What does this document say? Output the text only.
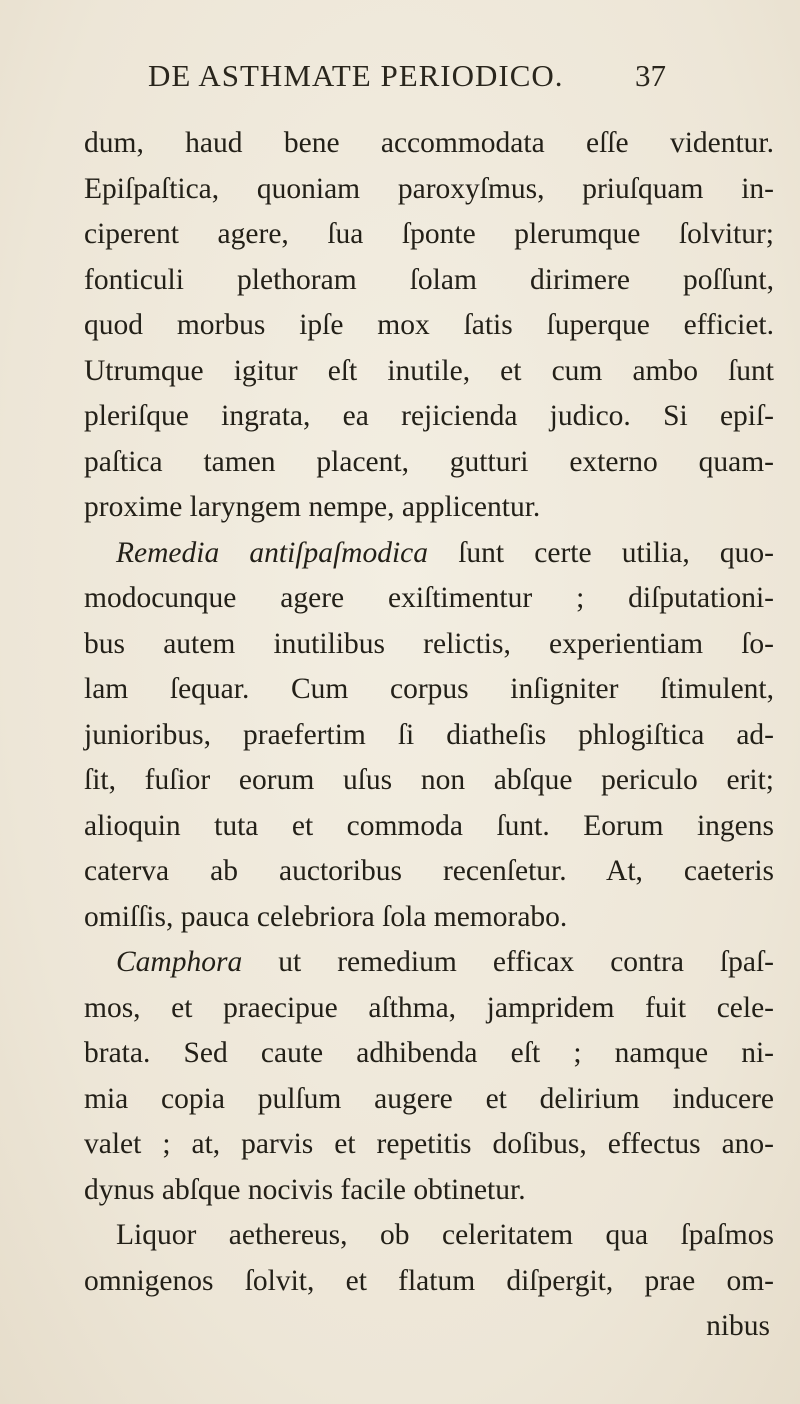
DE ASTHMATE PERIODICO. 37
dum, haud bene accommodata eſſe videntur.
Epiſpaſtica, quoniam paroxyſmus, priuſquam in-
ciperent agere, ſua ſponte plerumque ſolvitur;
fonticuli plethoram ſolam dirimere poſſunt,
quod morbus ipſe mox ſatis ſuperque efficiet.
Utrumque igitur eſt inutile, et cum ambo ſunt
pleriſque ingrata, ea rejicienda judico. Si epiſ-
paſtica tamen placent, gutturi externo quam-
proxime laryngem nempe, applicentur.
Remedia antiſpaſmodica ſunt certe utilia, quo-
modocunque agere exiſtimentur ; diſputationi-
bus autem inutilibus relictis, experientiam ſo-
lam ſequar. Cum corpus inſigniter ſtimulent,
junioribus, praefertim ſi diatheſis phlogiſtica ad-
ſit, fuſior eorum uſus non abſque periculo erit;
alioquin tuta et commoda ſunt. Eorum ingens
caterva ab auctoribus recenſetur. At, caeteris
omiſſis, pauca celebriora ſola memorabo.
Camphora ut remedium efficax contra ſpaſ-
mos, et praecipue aſthma, jampridem fuit cele-
brata. Sed caute adhibenda eſt ; namque ni-
mia copia pulſum augere et delirium inducere
valet ; at, parvis et repetitis doſibus, effectus ano-
dynus abſque nocivis facile obtinetur.
Liquor aethereus, ob celeritatem qua ſpaſmos
omnigenos ſolvit, et flatum diſpergit, prae om-
nibus
